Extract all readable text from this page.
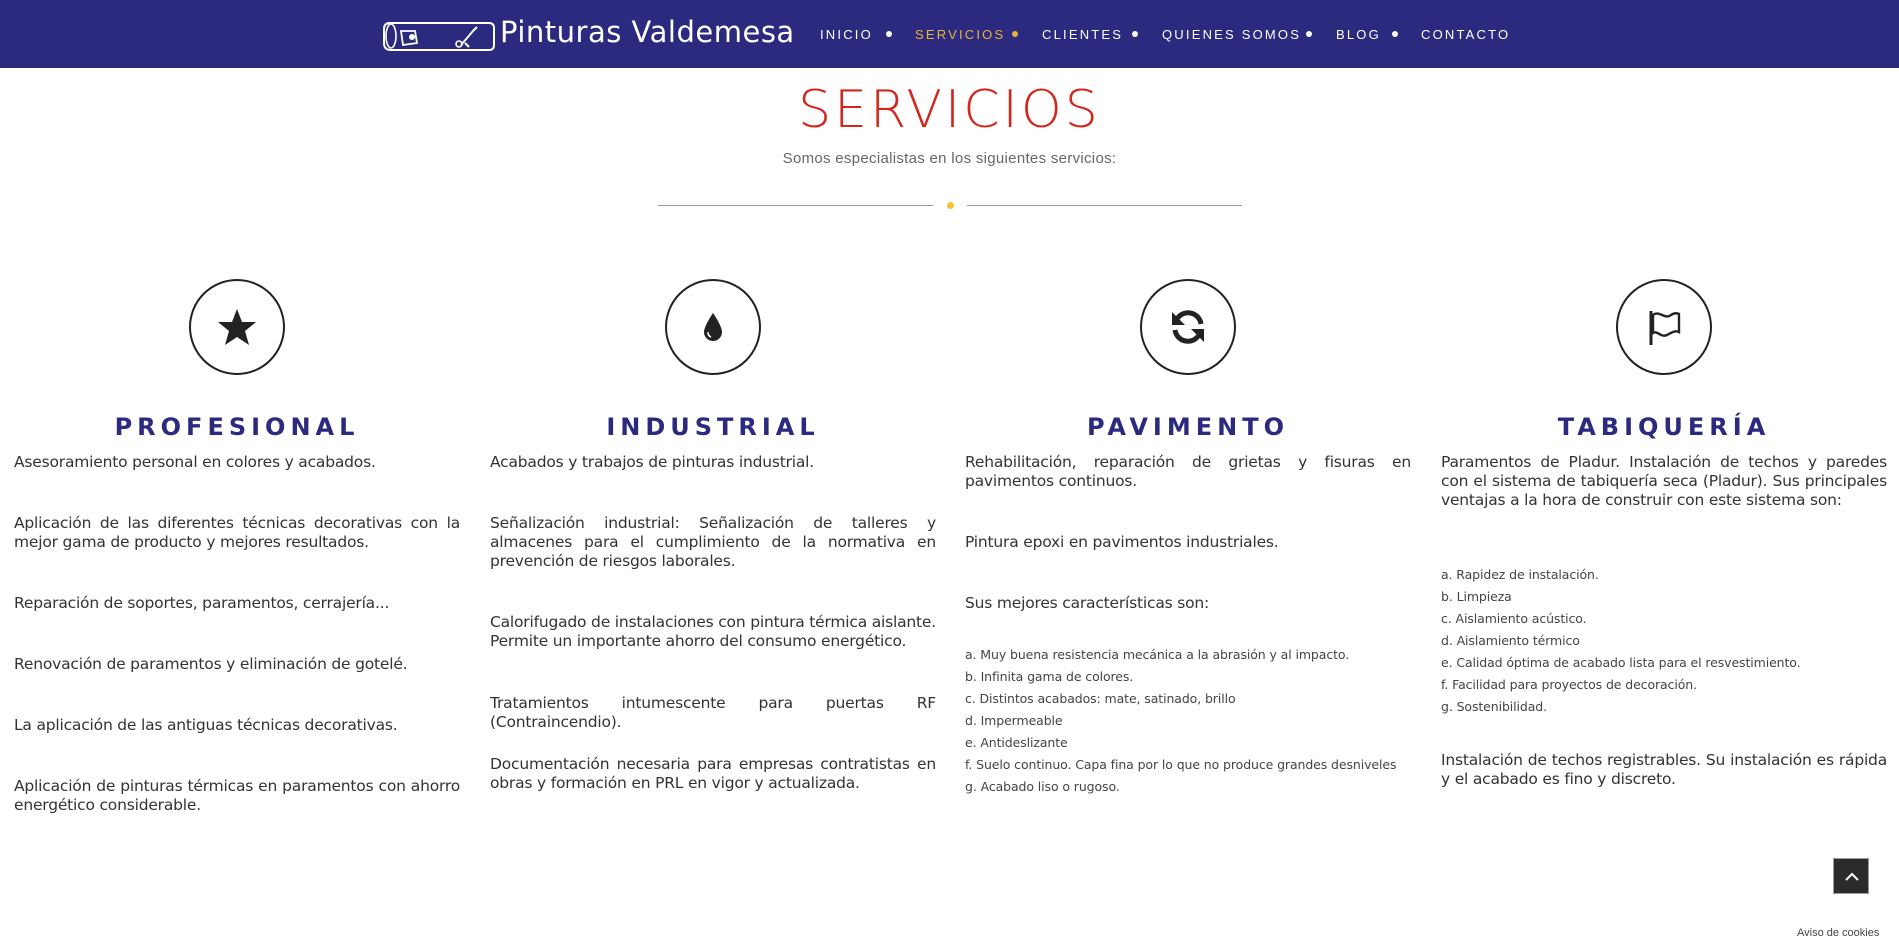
Pinturas Valdemesa INICIO	SERVICIOS	CLIENTES	QUIENES SOMOS	BLOG	CONTACTO
SERVICIOS
Somos especialistas en los siguientes servicios:
PROFESIONAL
Asesoramiento personal en colores y acabados.
Aplicación de las diferentes técnicas decorativas con la mejor gama de producto y mejores resultados.
Reparación de soportes, paramentos, cerrajería...
Renovación de paramentos y eliminación de gotelé.
La aplicación de las antiguas técnicas decorativas.
Aplicación de pinturas térmicas en paramentos con ahorro energético considerable.
INDUSTRIAL
Acabados y trabajos de pinturas industrial.
Señalización industrial: Señalización de talleres y almacenes para el cumplimiento de la normativa en prevención de riesgos laborales.
Calorifugado de instalaciones con pintura térmica aislante. Permite un importante ahorro del consumo energético.
Tratamientos intumescente para puertas RF (Contraincendio).
Documentación necesaria para empresas contratistas en obras y formación en PRL en vigor y actualizada.
PAVIMENTO
Rehabilitación, reparación de grietas y fisuras en pavimentos continuos.
Pintura epoxi en pavimentos industriales.
Sus mejores características son:
a. Muy buena resistencia mecánica a la abrasión y al impacto.
b. Infinita gama de colores.
c. Distintos acabados: mate, satinado, brillo
d. Impermeable
e. Antideslizante
f. Suelo continuo. Capa fina por lo que no produce grandes desniveles
g. Acabado liso o rugoso.
TABIQUERÍA
Paramentos de Pladur. Instalación de techos y paredes con el sistema de tabiquería seca (Pladur). Sus principales ventajas a la hora de construir con este sistema son:
a. Rapidez de instalación.
b. Limpieza
c. Aislamiento acústico.
d. Aislamiento térmico
e. Calidad óptima de acabado lista para el resvestimiento.
f. Facilidad para proyectos de decoración.
g. Sostenibilidad.
Instalación de techos registrables. Su instalación es rápida y el acabado es fino y discreto.
Aviso de cookies
